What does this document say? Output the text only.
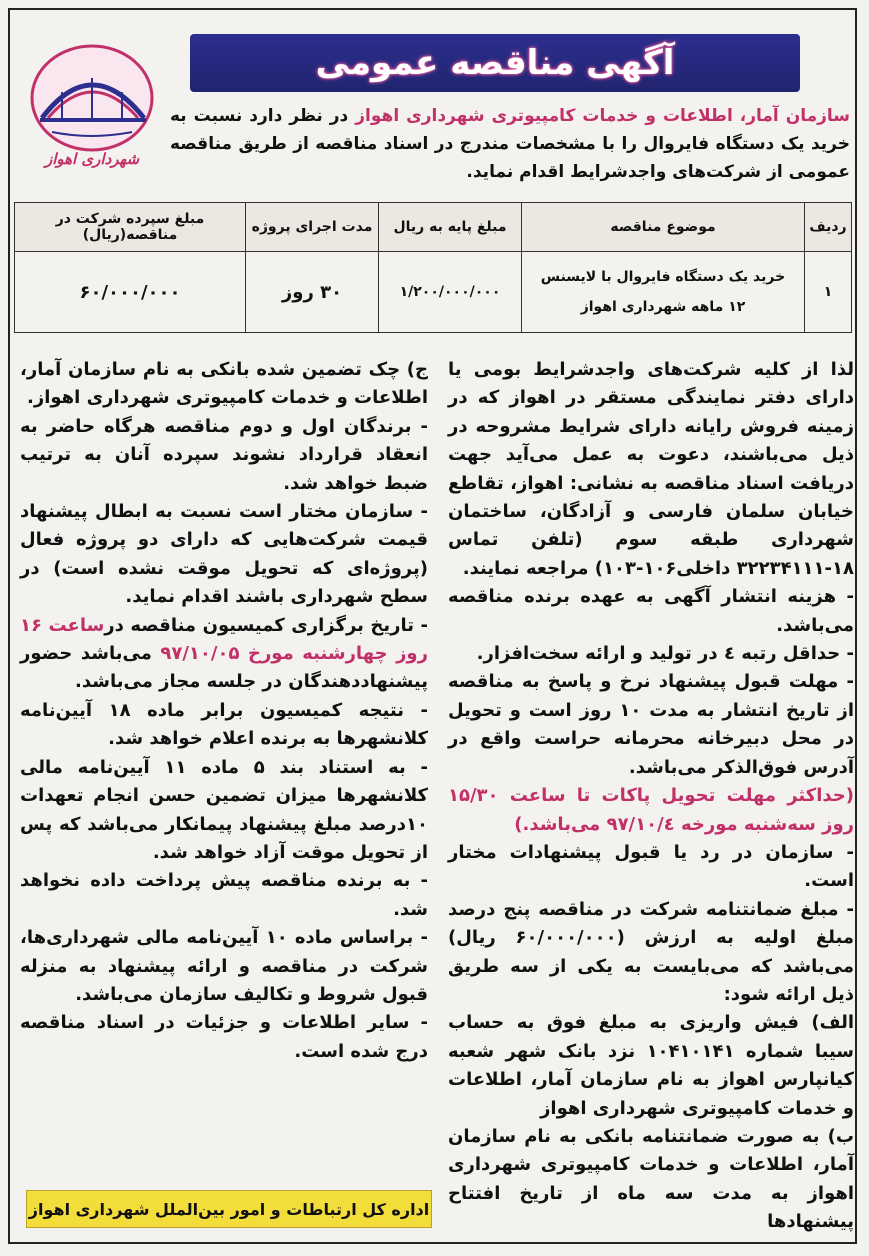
شهرداری اهواز
آگهی مناقصه عمومی
سازمان آمار، اطلاعات و خدمات کامپیوتری شهرداری اهواز در نظر دارد نسبت به خرید یک دستگاه فایروال را با مشخصات مندرج در اسناد مناقصه از طریق مناقصه عمومی از شرکت‌های واجدشرایط اقدام نماید.
ردیف	موضوع مناقصه	مبلغ پایه به ریال	مدت اجرای پروژه	مبلغ سپرده شرکت در مناقصه(ریال)
۱	خرید یک دستگاه فایروال با لایسنس ۱۲ ماهه شهرداری اهواز	۱/۲۰۰/۰۰۰/۰۰۰	۳۰ روز	۶۰/۰۰۰/۰۰۰

لذا از کلیه شرکت‌های واجدشرایط بومی یا دارای دفتر نمایندگی مستقر در اهواز که در زمینه فروش رایانه دارای شرایط مشروحه در ذیل می‌باشند، دعوت به عمل می‌آید جهت دریافت اسناد مناقصه به نشانی: اهواز، تقاطع خیابان سلمان فارسی و آزادگان، ساختمان شهرداری طبقه سوم (تلفن تماس ۱۸-۳۲۲۳۴۱۱۱ داخلی۱۰۶-۱۰۳) مراجعه نمایند.

- هزینه انتشار آگهی به عهده برنده مناقصه می‌باشد.

- حداقل رتبه ٤ در تولید و ارائه سخت‌افزار.

- مهلت قبول پیشنهاد نرخ و پاسخ به مناقصه از تاریخ انتشار به مدت ۱۰ روز است و تحویل در محل دبیرخانه محرمانه حراست واقع در آدرس فوق‌الذکر می‌باشد.

(حداکثر مهلت تحویل پاکات تا ساعت ۱۵/۳۰ روز سه‌شنبه مورخه ۹۷/۱۰/٤ می‌باشد.)

- سازمان در رد یا قبول پیشنهادات مختار است.

- مبلغ ضمانتنامه شرکت در مناقصه پنج درصد مبلغ اولیه به ارزش (۶۰/۰۰۰/۰۰۰ ریال) می‌باشد که می‌بایست به یکی از سه طریق ذیل ارائه شود:

الف) فیش واریزی به مبلغ فوق به حساب سیبا شماره ۱۰۴۱۰۱۴۱ نزد بانک شهر شعبه کیانپارس اهواز به نام سازمان آمار، اطلاعات و خدمات کامپیوتری شهرداری اهواز

ب) به صورت ضمانتنامه بانکی به نام سازمان آمار، اطلاعات و خدمات کامپیوتری شهرداری اهواز به مدت سه ماه از تاریخ افتتاح پیشنهادها

ج) چک تضمین شده بانکی به نام سازمان آمار، اطلاعات و خدمات کامپیوتری شهرداری اهواز.

- برندگان اول و دوم مناقصه هرگاه حاضر به انعقاد قرارداد نشوند سپرده آنان به ترتیب ضبط خواهد شد.

- سازمان مختار است نسبت به ابطال پیشنهاد قیمت شرکت‌هایی که دارای دو پروژه فعال (پروژه‌ای که تحویل موقت نشده است) در سطح شهرداری باشند اقدام نماید.

- تاریخ برگزاری کمیسیون مناقصه درساعت ۱۶ روز چهارشنبه مورخ ۹۷/۱۰/۰۵ می‌باشد حضور پیشنهاددهندگان در جلسه مجاز می‌باشد.

- نتیجه کمیسیون برابر ماده ۱۸ آیین‌نامه کلانشهرها به برنده اعلام خواهد شد.

- به استناد بند ۵ ماده ۱۱ آیین‌نامه مالی کلانشهرها میزان تضمین حسن انجام تعهدات ۱۰درصد مبلغ پیشنهاد پیمانکار می‌باشد که پس از تحویل موقت آزاد خواهد شد.

- به برنده مناقصه پیش پرداخت داده نخواهد شد.

- براساس ماده ۱۰ آیین‌نامه مالی شهرداری‌ها، شرکت در مناقصه و ارائه پیشنهاد به منزله قبول شروط و تکالیف سازمان می‌باشد.

- سایر اطلاعات و جزئیات در اسناد مناقصه درج شده است.

اداره کل ارتباطات و امور بین‌الملل شهرداری اهواز
